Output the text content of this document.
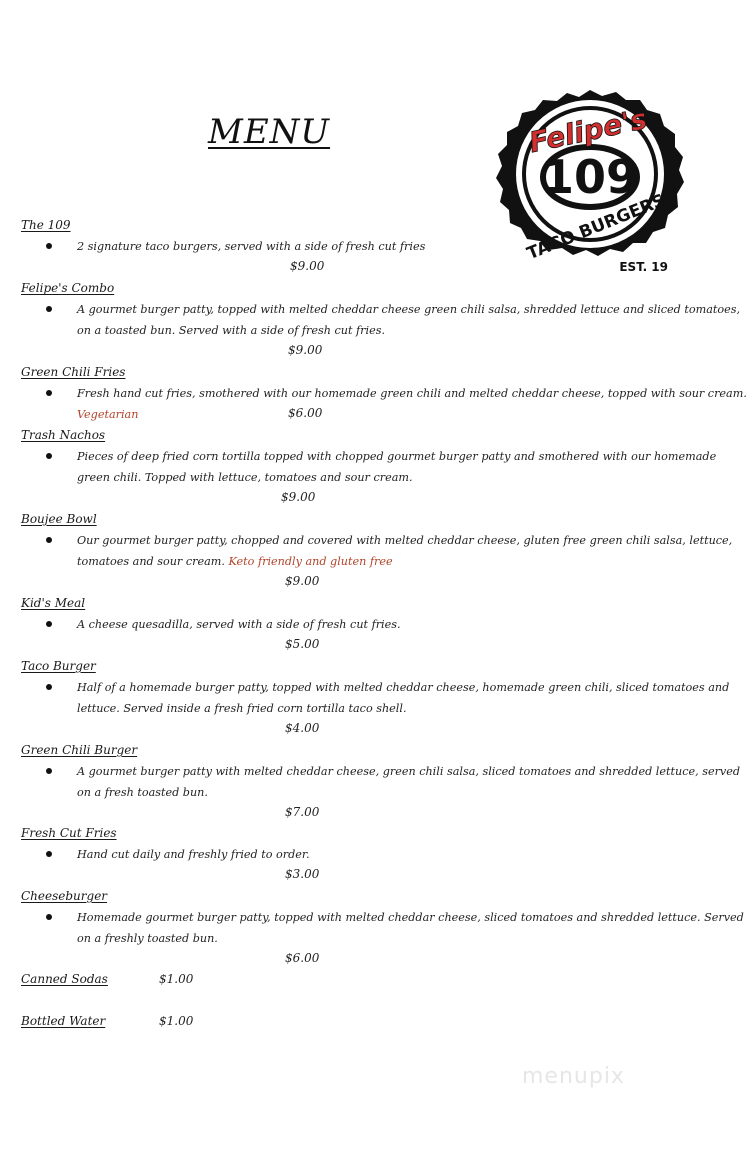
MENU	Felipe's
109
TACO BURGERS
EST. 19
The 109
2 signature taco burgers, served with a side of fresh cut fries
$9.00
Felipe's Combo
A gourmet burger patty, topped with melted cheddar cheese green chili salsa, shredded lettuce and sliced tomatoes, on a toasted bun. Served with a side of fresh cut fries.
$9.00
Green Chili Fries
Fresh hand cut fries, smothered with our homemade green chili and melted cheddar cheese, topped with sour cream. Vegetarian	$6.00
Trash Nachos
Pieces of deep fried corn tortilla topped with chopped gourmet burger patty and smothered with our homemade green chili. Topped with lettuce, tomatoes and sour cream.
$9.00
Boujee Bowl
Our gourmet burger patty, chopped and covered with melted cheddar cheese, gluten free green chili salsa, lettuce, tomatoes and sour cream. Keto friendly and gluten free
$9.00
Kid's Meal
A cheese quesadilla, served with a side of fresh cut fries.
$5.00
Taco Burger
Half of a homemade burger patty, topped with melted cheddar cheese, homemade green chili, sliced tomatoes and lettuce. Served inside a fresh fried corn tortilla taco shell.
$4.00
Green Chili Burger
A gourmet burger patty with melted cheddar cheese, green chili salsa, sliced tomatoes and shredded lettuce, served on a fresh toasted bun.
$7.00
Fresh Cut Fries
Hand cut daily and freshly fried to order.
$3.00
Cheeseburger
Homemade gourmet burger patty, topped with melted cheddar cheese, sliced tomatoes and shredded lettuce. Served on a freshly toasted bun.
$6.00
Canned Sodas	$1.00
Bottled Water	$1.00
menupix
